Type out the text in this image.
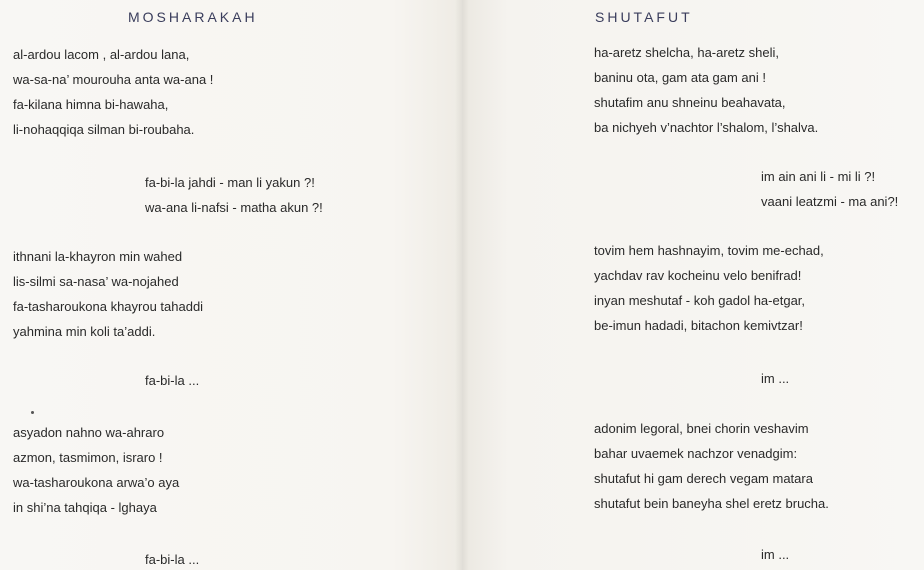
MOSHARAKAH
al-ardou lacom , al-ardou lana,
wa-sa-na’ mourouha anta wa-ana !
fa-kilana himna bi-hawaha,
li-nohaqqiqa silman bi-roubaha.
fa-bi-la jahdi - man li yakun ?!
wa-ana li-nafsi - matha akun ?!
ithnani la-khayron min wahed
lis-silmi sa-nasa’ wa-nojahed
fa-tasharoukona khayrou tahaddi
yahmina min koli ta’addi.
fa-bi-la ...
asyadon nahno wa-ahraro
azmon, tasmimon, israro !
wa-tasharoukona arwa’o aya
in shi’na tahqiqa - lghaya
fa-bi-la ...
SHUTAFUT
ha-aretz shelcha, ha-aretz sheli,
baninu ota, gam ata gam ani !
shutafim anu shneinu beahavata,
ba nichyeh v’nachtor l’shalom, l’shalva.
im ain ani li - mi li ?!
vaani leatzmi - ma ani?!
tovim hem hashnayim, tovim me-echad,
yachdav rav kocheinu velo benifrad!
inyan meshutaf - koh gadol ha-etgar,
be-imun hadadi, bitachon kemivtzar!
im ...
adonim legoral, bnei chorin veshavim
bahar uvaemek nachzor venadgim:
shutafut hi gam derech vegam matara
shutafut bein baneyha shel eretz brucha.
im ...
